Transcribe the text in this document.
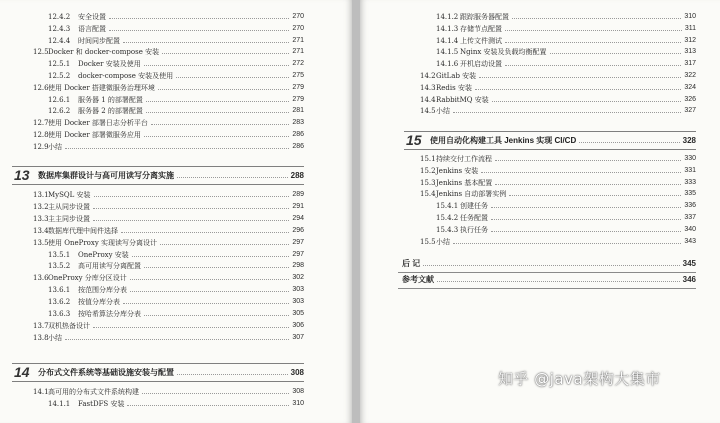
12.4.2 安全设置	270
12.4.3 语言配置	270
12.4.4 时间同步配置	271
12.5 Docker 和 docker-compose 安装	271
12.5.1 Docker 安装及使用	272
12.5.2 docker-compose 安装及使用	275
12.6 使用 Docker 搭建微服务治理环境	279
12.6.1 服务器 1 的部署配置	279
12.6.2 服务器 2 的部署配置	281
12.7 使用 Docker 部署日志分析平台	283
12.8 使用 Docker 部署微服务应用	286
12.9 小结	286
13 数据库集群设计与高可用读写分离实施	288
13.1 MySQL 安装	289
13.2 主从同步设置	291
13.3 主主同步设置	294
13.4 数据库代理中间件选择	296
13.5 使用 OneProxy 实现读写分离设计	297
13.5.1 OneProxy 安装	297
13.5.2 高可用读写分离配置	298
13.6 OneProxy 分库分区设计	302
13.6.1 按范围分库分表	303
13.6.2 按值分库分表	303
13.6.3 按哈希算法分库分表	305
13.7 双机热备设计	306
13.8 小结	307
14 分布式文件系统等基础设施安装与配置	308
14.1 高可用的分布式文件系统构建	308
14.1.1 FastDFS 安装	310
14.1.2 跟踪服务器配置	310
14.1.3 存储节点配置	311
14.1.4 上传文件测试	312
14.1.5 Nginx 安装及负载均衡配置	313
14.1.6 开机启动设置	317
14.2 GitLab 安装	322
14.3 Redis 安装	324
14.4 RabbitMQ 安装	326
14.5 小结	327
15 使用自动化构建工具 Jenkins 实现 CI/CD	328
15.1 持续交付工作流程	330
15.2 Jenkins 安装	331
15.3 Jenkins 基本配置	333
15.4 Jenkins 自动部署实例	335
15.4.1 创建任务	336
15.4.2 任务配置	337
15.4.3 执行任务	340
15.5 小结	343
后 记	345
参考文献	346
知乎 @java架构大集市
